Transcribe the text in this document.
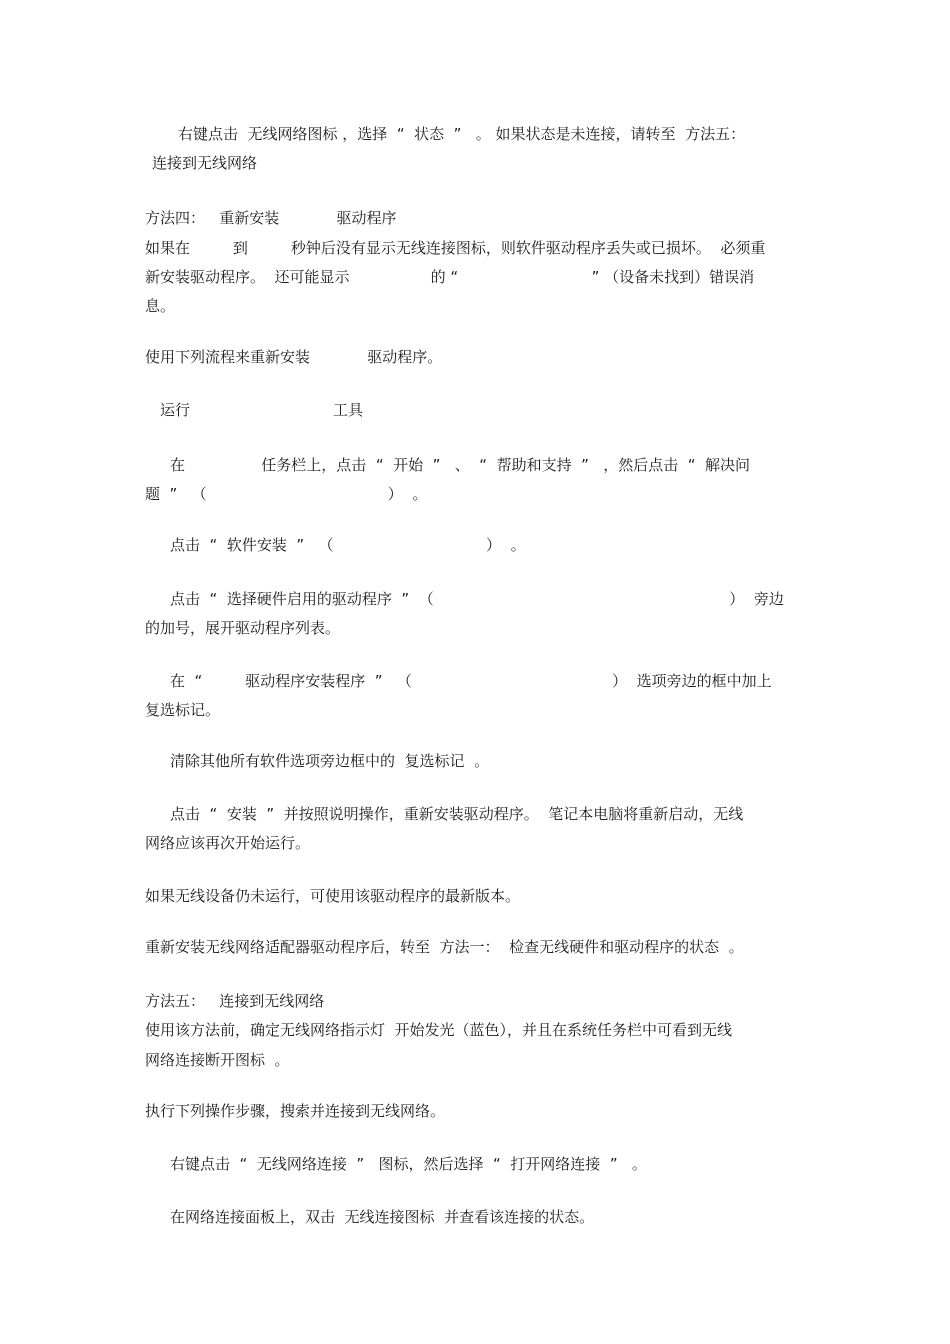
右键点击  无线网络图标 ，选择  “  状态  ”   。 如果状态是未连接，请转至  方法五：
连接到无线网络
方法四：   重新安装            驱动程序
如果在         到         秒钟后没有显示无线连接图标，则软件驱动程序丢失或已损坏。  必须重
新安装驱动程序。  还可能显示                 的 “                            ” （设备未找到）错误消
息。
使用下列流程来重新安装            驱动程序。
运行                              工具
在                任务栏上，点击  “  开始  ”   、  “  帮助和支持  ”   ，然后点击  “  解决问
题  ”   （                                      ）  。
点击  “  软件安装  ”   （                                ）  。
点击  “  选择硬件启用的驱动程序  ”  （                                                              ）  旁边
的加号，展开驱动程序列表。
在  “         驱动程序安装程序  ”   （                                          ）  选项旁边的框中加上
复选标记。
清除其他所有软件选项旁边框中的  复选标记  。
点击  “  安装  ”  并按照说明操作，重新安装驱动程序。  笔记本电脑将重新启动，无线
网络应该再次开始运行。
如果无线设备仍未运行，可使用该驱动程序的最新版本。
重新安装无线网络适配器驱动程序后，转至  方法一：  检查无线硬件和驱动程序的状态  。
方法五：   连接到无线网络
使用该方法前，确定无线网络指示灯  开始发光（蓝色），并且在系统任务栏中可看到无线
网络连接断开图标  。
执行下列操作步骤，搜索并连接到无线网络。
右键点击  “  无线网络连接  ”   图标，然后选择  “  打开网络连接  ”   。
在网络连接面板上，双击  无线连接图标  并查看该连接的状态。
